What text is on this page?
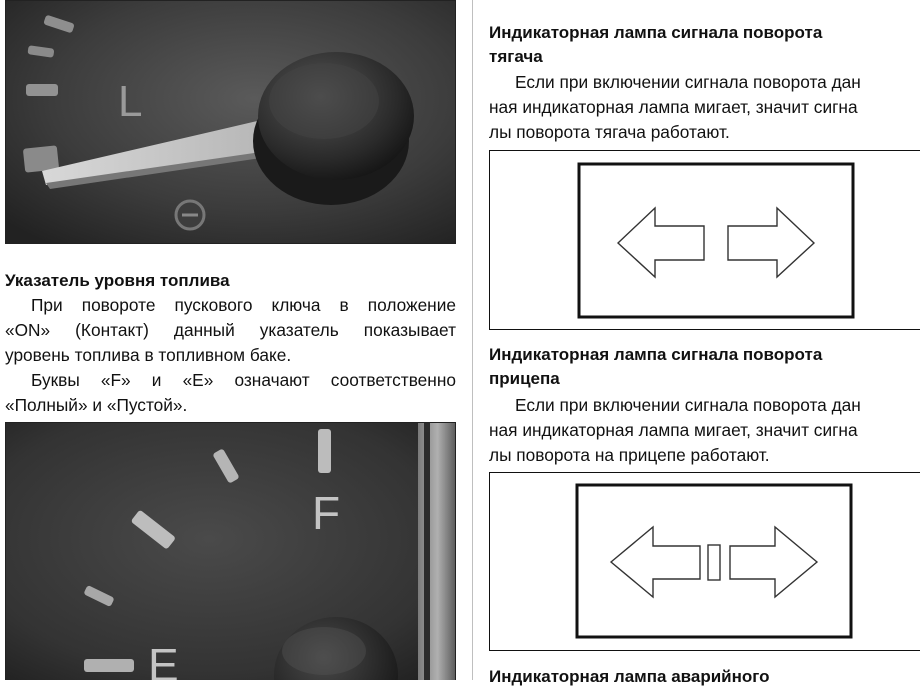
L
Указатель уровня топлива

При повороте пускового ключа в положение
«ON» (Контакт) данный указатель показывает
уровень топлива в топливном баке.

Буквы «F» и «E» означают соответственно
«Полный» и «Пустой».

F
E
Индикаторная лампа сигнала поворота
тягача

Если при включении сигнала поворота дан
ная индикаторная лампа мигает, значит сигна
лы поворота тягача работают.

Индикаторная лампа сигнала поворота
прицепа

Если при включении сигнала поворота дан
ная индикаторная лампа мигает, значит сигна
лы поворота на прицепе работают.

Индикаторная лампа аварийного
